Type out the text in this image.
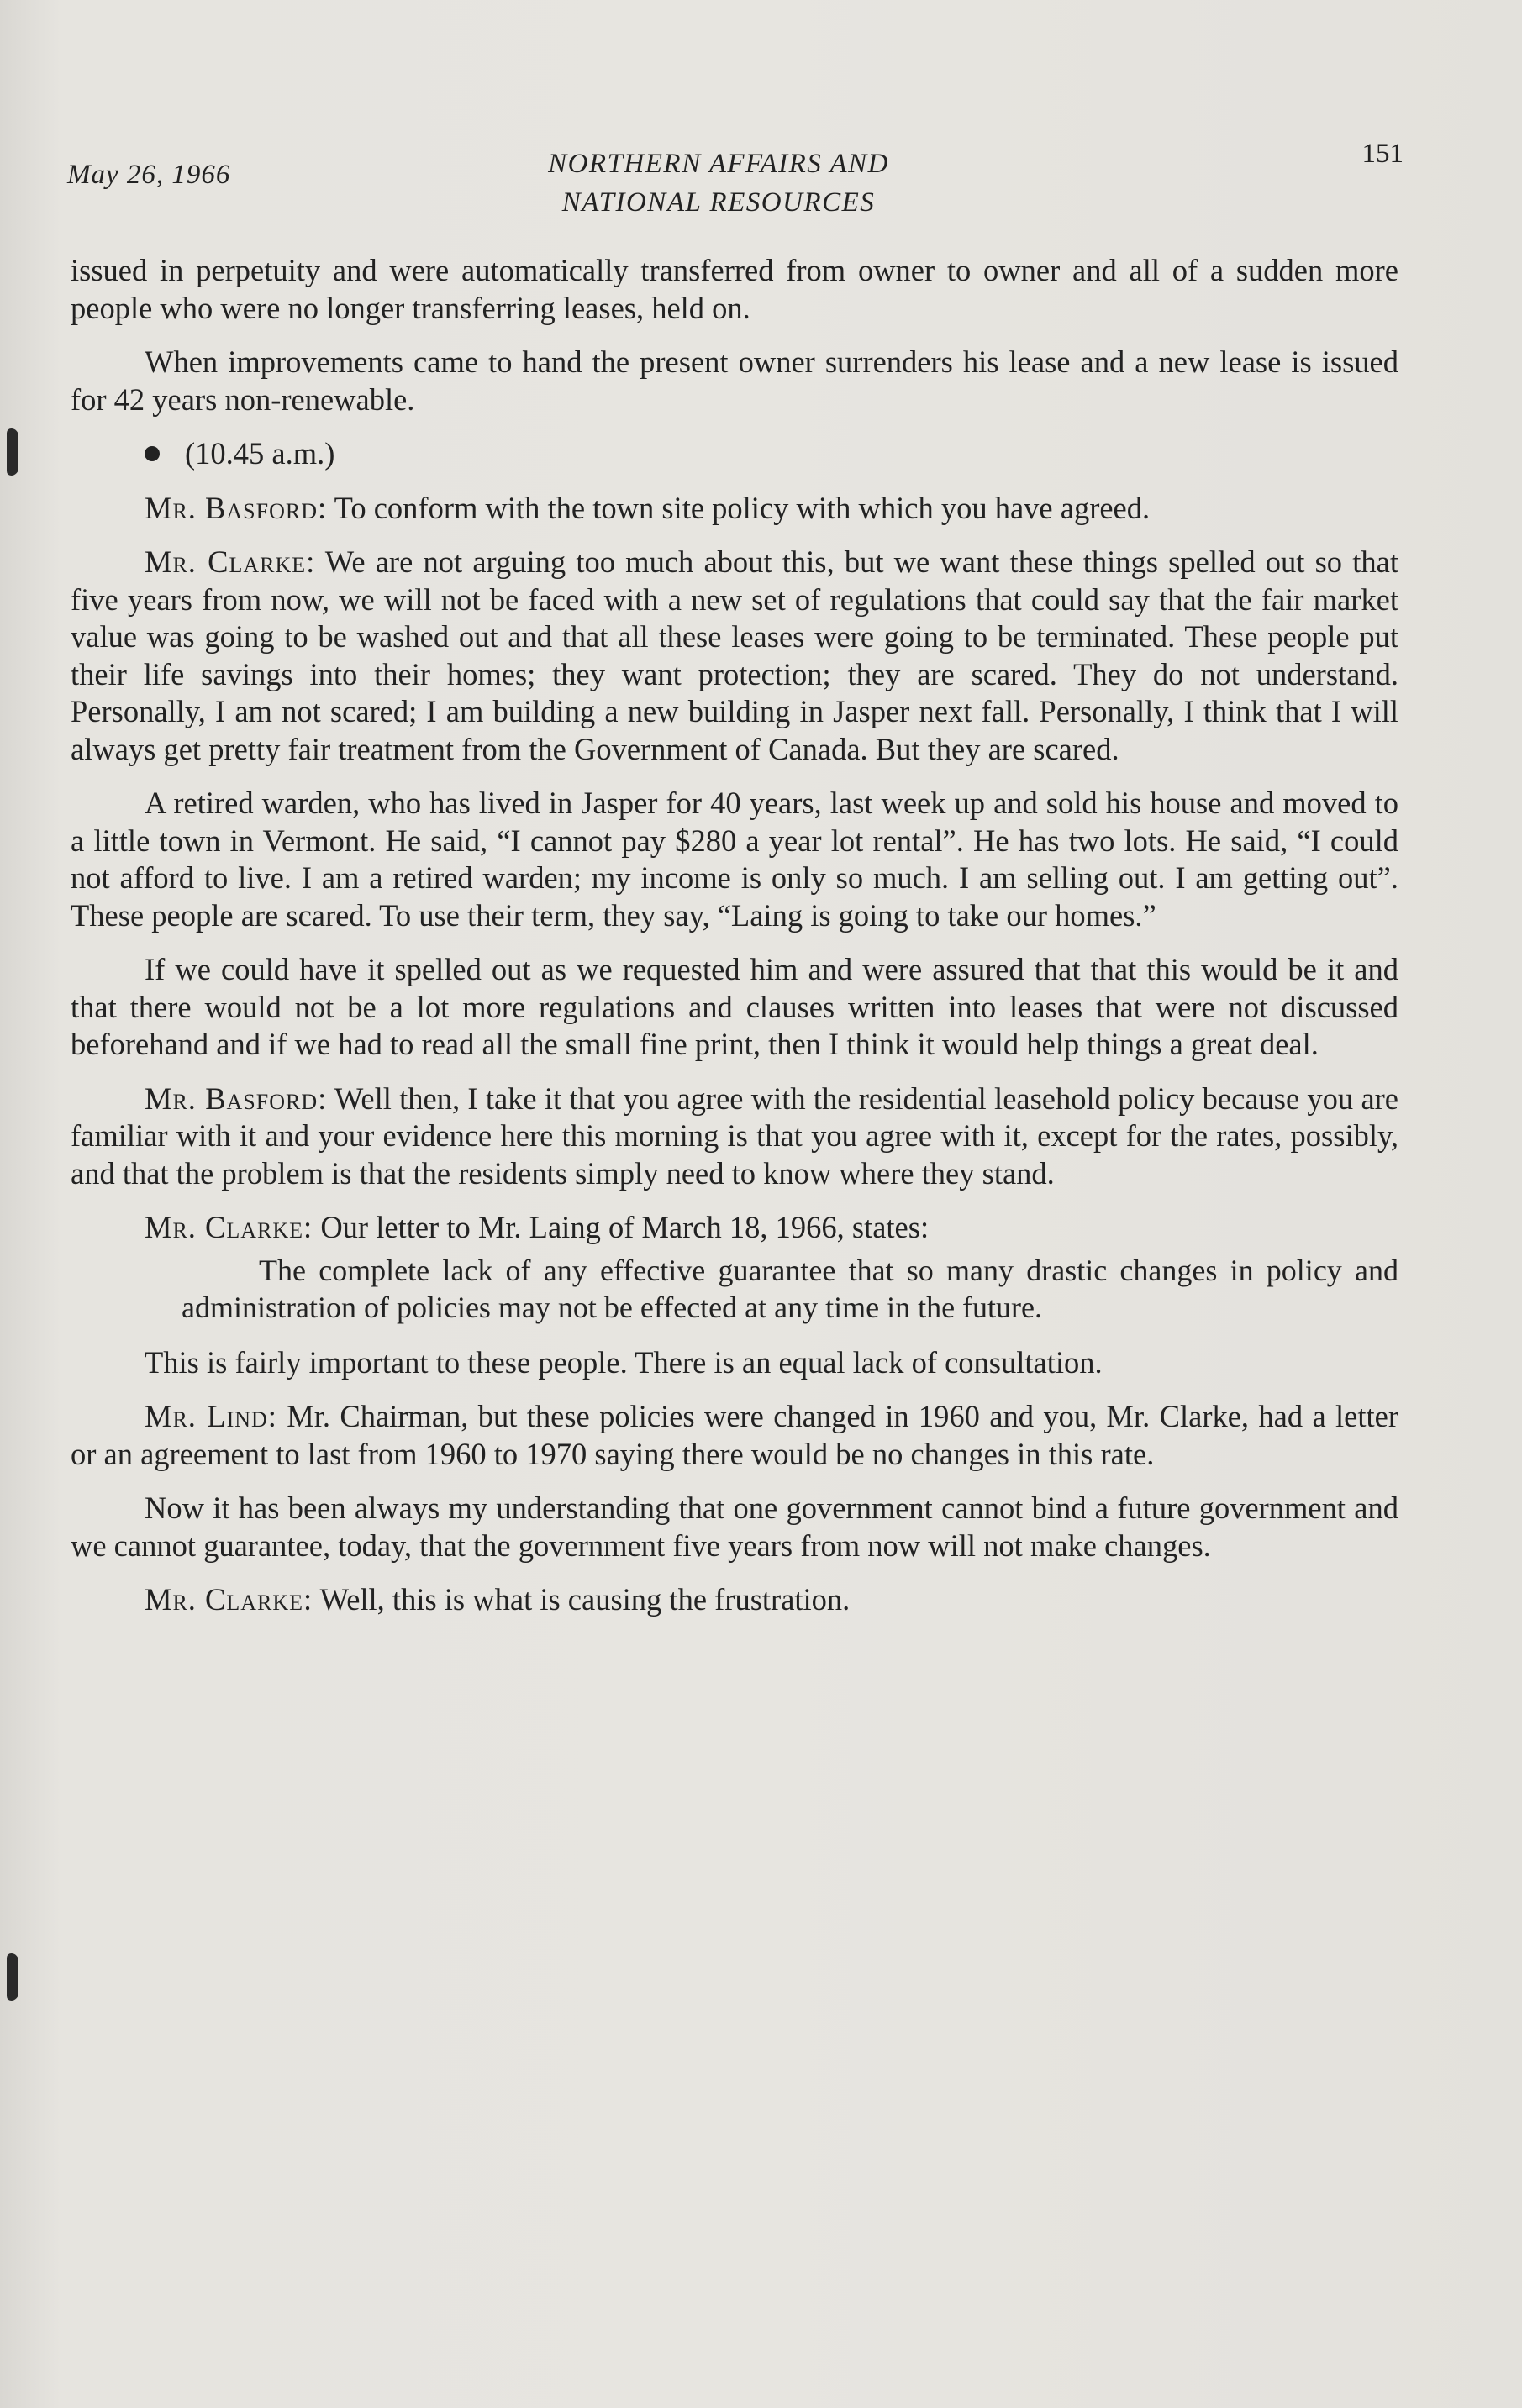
May 26, 1966	NORTHERN AFFAIRS AND
NATIONAL RESOURCES
151

issued in perpetuity and were automatically transferred from owner to owner and all of a sudden more people who were no longer transferring leases, held on.

When improvements came to hand the present owner surrenders his lease and a new lease is issued for 42 years non-renewable.

(10.45 a.m.)

Mr. Basford: To conform with the town site policy with which you have agreed.

Mr. Clarke: We are not arguing too much about this, but we want these things spelled out so that five years from now, we will not be faced with a new set of regulations that could say that the fair market value was going to be washed out and that all these leases were going to be terminated. These people put their life savings into their homes; they want protection; they are scared. They do not understand. Personally, I am not scared; I am building a new building in Jasper next fall. Personally, I think that I will always get pretty fair treatment from the Government of Canada. But they are scared.

A retired warden, who has lived in Jasper for 40 years, last week up and sold his house and moved to a little town in Vermont. He said, “I cannot pay $280 a year lot rental”. He has two lots. He said, “I could not afford to live. I am a retired warden; my income is only so much. I am selling out. I am getting out”. These people are scared. To use their term, they say, “Laing is going to take our homes.”

If we could have it spelled out as we requested him and were assured that that this would be it and that there would not be a lot more regulations and clauses written into leases that were not discussed beforehand and if we had to read all the small fine print, then I think it would help things a great deal.

Mr. Basford: Well then, I take it that you agree with the residential leasehold policy because you are familiar with it and your evidence here this morning is that you agree with it, except for the rates, possibly, and that the problem is that the residents simply need to know where they stand.

Mr. Clarke: Our letter to Mr. Laing of March 18, 1966, states:

The complete lack of any effective guarantee that so many drastic changes in policy and administration of policies may not be effected at any time in the future.

This is fairly important to these people. There is an equal lack of consultation.

Mr. Lind: Mr. Chairman, but these policies were changed in 1960 and you, Mr. Clarke, had a letter or an agreement to last from 1960 to 1970 saying there would be no changes in this rate.

Now it has been always my understanding that one government cannot bind a future government and we cannot guarantee, today, that the government five years from now will not make changes.

Mr. Clarke: Well, this is what is causing the frustration.
